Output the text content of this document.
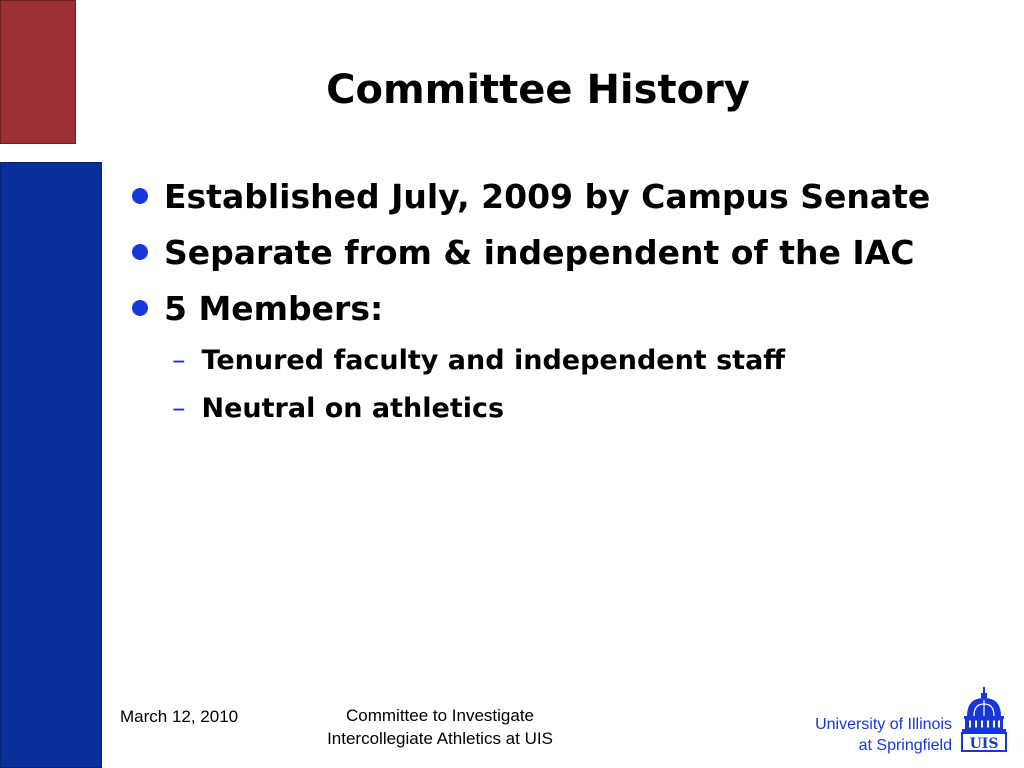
Committee History
Established July, 2009 by Campus Senate
Separate from & independent of the IAC
5 Members:
– Tenured faculty and independent staff
– Neutral on athletics
March 12, 2010	Committee to Investigate
Intercollegiate Athletics at UIS
University of Illinois
at Springfield UIS
